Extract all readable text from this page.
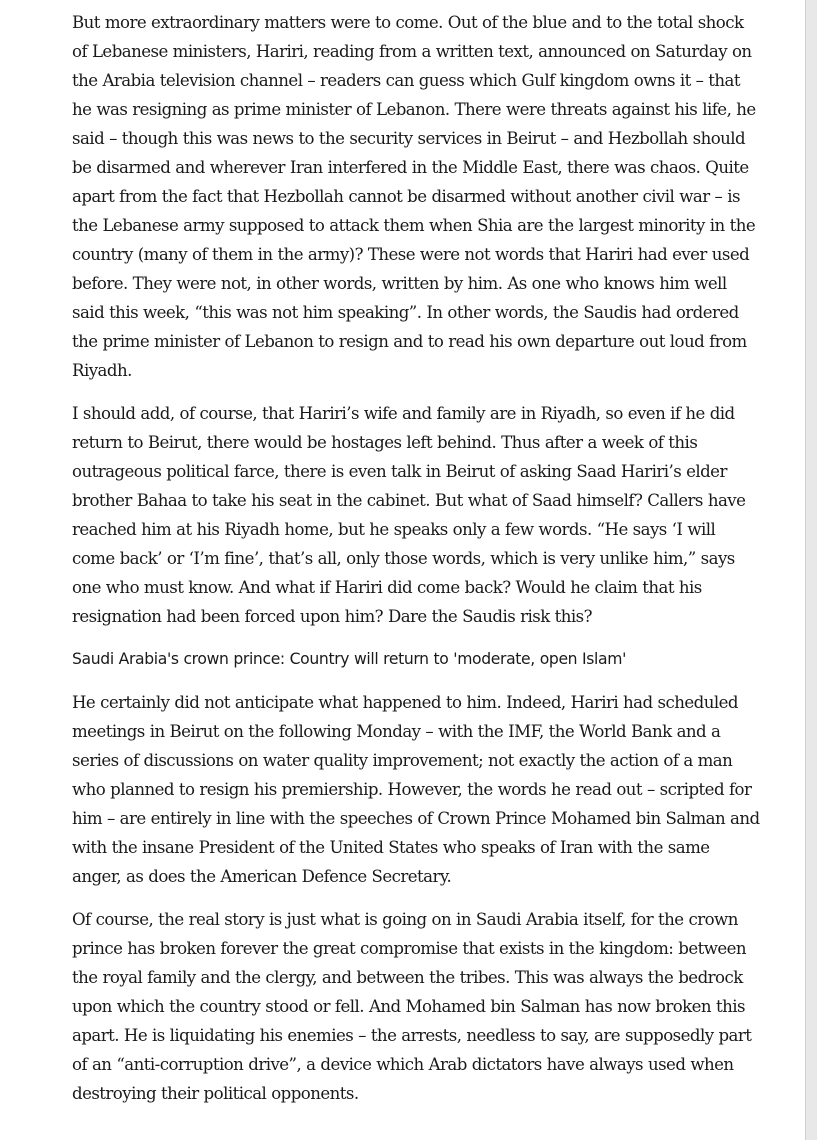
But more extraordinary matters were to come. Out of the blue and to the total shock of Lebanese ministers, Hariri, reading from a written text, announced on Saturday on the Arabia television channel – readers can guess which Gulf kingdom owns it – that he was resigning as prime minister of Lebanon. There were threats against his life, he said – though this was news to the security services in Beirut – and Hezbollah should be disarmed and wherever Iran interfered in the Middle East, there was chaos. Quite apart from the fact that Hezbollah cannot be disarmed without another civil war – is the Lebanese army supposed to attack them when Shia are the largest minority in the country (many of them in the army)? These were not words that Hariri had ever used before. They were not, in other words, written by him. As one who knows him well said this week, “this was not him speaking”. In other words, the Saudis had ordered the prime minister of Lebanon to resign and to read his own departure out loud from Riyadh.

I should add, of course, that Hariri’s wife and family are in Riyadh, so even if he did return to Beirut, there would be hostages left behind. Thus after a week of this outrageous political farce, there is even talk in Beirut of asking Saad Hariri’s elder brother Bahaa to take his seat in the cabinet. But what of Saad himself? Callers have reached him at his Riyadh home, but he speaks only a few words. “He says ‘I will come back’ or ‘I’m fine’, that’s all, only those words, which is very unlike him,” says one who must know. And what if Hariri did come back? Would he claim that his resignation had been forced upon him? Dare the Saudis risk this?

Saudi Arabia's crown prince: Country will return to 'moderate, open Islam'

He certainly did not anticipate what happened to him. Indeed, Hariri had scheduled meetings in Beirut on the following Monday – with the IMF, the World Bank and a series of discussions on water quality improvement; not exactly the action of a man who planned to resign his premiership. However, the words he read out – scripted for him – are entirely in line with the speeches of Crown Prince Mohamed bin Salman and with the insane President of the United States who speaks of Iran with the same anger, as does the American Defence Secretary.

Of course, the real story is just what is going on in Saudi Arabia itself, for the crown prince has broken forever the great compromise that exists in the kingdom: between the royal family and the clergy, and between the tribes. This was always the bedrock upon which the country stood or fell. And Mohamed bin Salman has now broken this apart. He is liquidating his enemies – the arrests, needless to say, are supposedly part of an “anti-corruption drive”, a device which Arab dictators have always used when destroying their political opponents.
